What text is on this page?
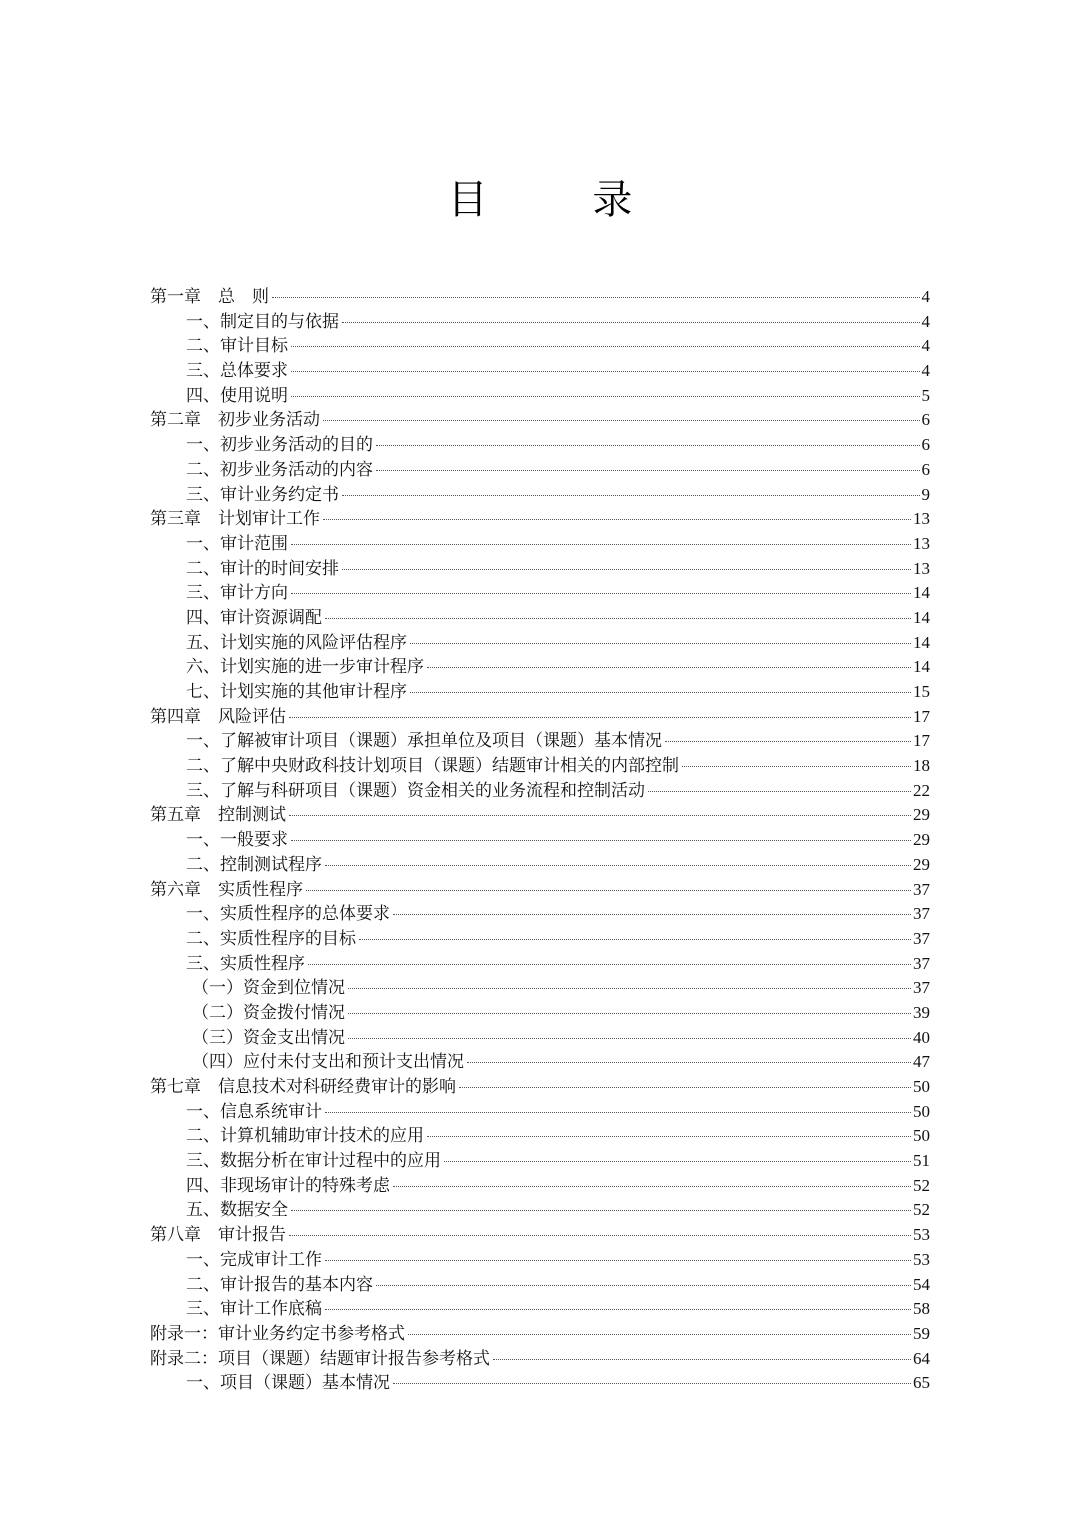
目 录
第一章　总　则	4
一、制定目的与依据	4
二、审计目标	4
三、总体要求	4
四、使用说明	5
第二章　初步业务活动	6
一、初步业务活动的目的	6
二、初步业务活动的内容	6
三、审计业务约定书	9
第三章　计划审计工作	13
一、审计范围	13
二、审计的时间安排	13
三、审计方向	14
四、审计资源调配	14
五、计划实施的风险评估程序	14
六、计划实施的进一步审计程序	14
七、计划实施的其他审计程序	15
第四章　风险评估	17
一、了解被审计项目（课题）承担单位及项目（课题）基本情况	17
二、了解中央财政科技计划项目（课题）结题审计相关的内部控制	18
三、了解与科研项目（课题）资金相关的业务流程和控制活动	22
第五章　控制测试	29
一、一般要求	29
二、控制测试程序	29
第六章　实质性程序	37
一、实质性程序的总体要求	37
二、实质性程序的目标	37
三、实质性程序	37
（一）资金到位情况	37
（二）资金拨付情况	39
（三）资金支出情况	40
（四）应付未付支出和预计支出情况	47
第七章　信息技术对科研经费审计的影响	50
一、信息系统审计	50
二、计算机辅助审计技术的应用	50
三、数据分析在审计过程中的应用	51
四、非现场审计的特殊考虑	52
五、数据安全	52
第八章　审计报告	53
一、完成审计工作	53
二、审计报告的基本内容	54
三、审计工作底稿	58
附录一：审计业务约定书参考格式	59
附录二：项目（课题）结题审计报告参考格式	64
一、项目（课题）基本情况	65
